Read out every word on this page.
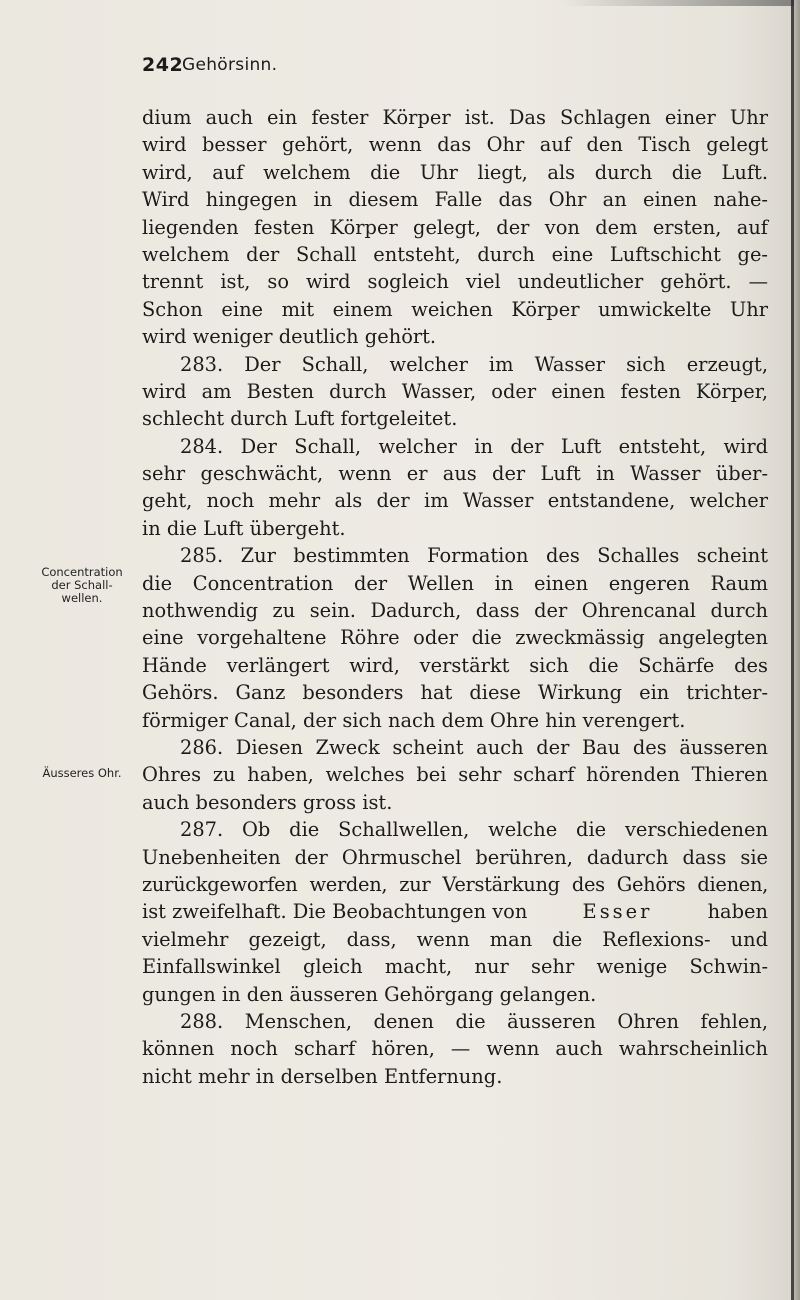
242
Gehörsinn.
Concentration
der Schall-
wellen.
Äusseres Ohr.
dium auch ein fester Körper ist. Das Schlagen einer Uhr
wird besser gehört, wenn das Ohr auf den Tisch gelegt
wird, auf welchem die Uhr liegt, als durch die Luft.
Wird hingegen in diesem Falle das Ohr an einen nahe-
liegenden festen Körper gelegt, der von dem ersten, auf
welchem der Schall entsteht, durch eine Luftschicht ge-
trennt ist, so wird sogleich viel undeutlicher gehört. —
Schon eine mit einem weichen Körper umwickelte Uhr
wird weniger deutlich gehört.
283. Der Schall, welcher im Wasser sich erzeugt,
wird am Besten durch Wasser, oder einen festen Körper,
schlecht durch Luft fortgeleitet.
284. Der Schall, welcher in der Luft entsteht, wird
sehr geschwächt, wenn er aus der Luft in Wasser über-
geht, noch mehr als der im Wasser entstandene, welcher
in die Luft übergeht.
285. Zur bestimmten Formation des Schalles scheint
die Concentration der Wellen in einen engeren Raum
nothwendig zu sein. Dadurch, dass der Ohrencanal durch
eine vorgehaltene Röhre oder die zweckmässig angelegten
Hände verlängert wird, verstärkt sich die Schärfe des
Gehörs. Ganz besonders hat diese Wirkung ein trichter-
förmiger Canal, der sich nach dem Ohre hin verengert.
286. Diesen Zweck scheint auch der Bau des äusseren
Ohres zu haben, welches bei sehr scharf hörenden Thieren
auch besonders gross ist.
287. Ob die Schallwellen, welche die verschiedenen
Unebenheiten der Ohrmuschel berühren, dadurch dass sie
zurückgeworfen werden, zur Verstärkung des Gehörs dienen,
ist zweifelhaft. Die Beobachtungen von	Esser	haben
vielmehr gezeigt, dass, wenn man die Reflexions- und
Einfallswinkel gleich macht, nur sehr wenige Schwin-
gungen in den äusseren Gehörgang gelangen.
288. Menschen, denen die äusseren Ohren fehlen,
können noch scharf hören, — wenn auch wahrscheinlich
nicht mehr in derselben Entfernung.
